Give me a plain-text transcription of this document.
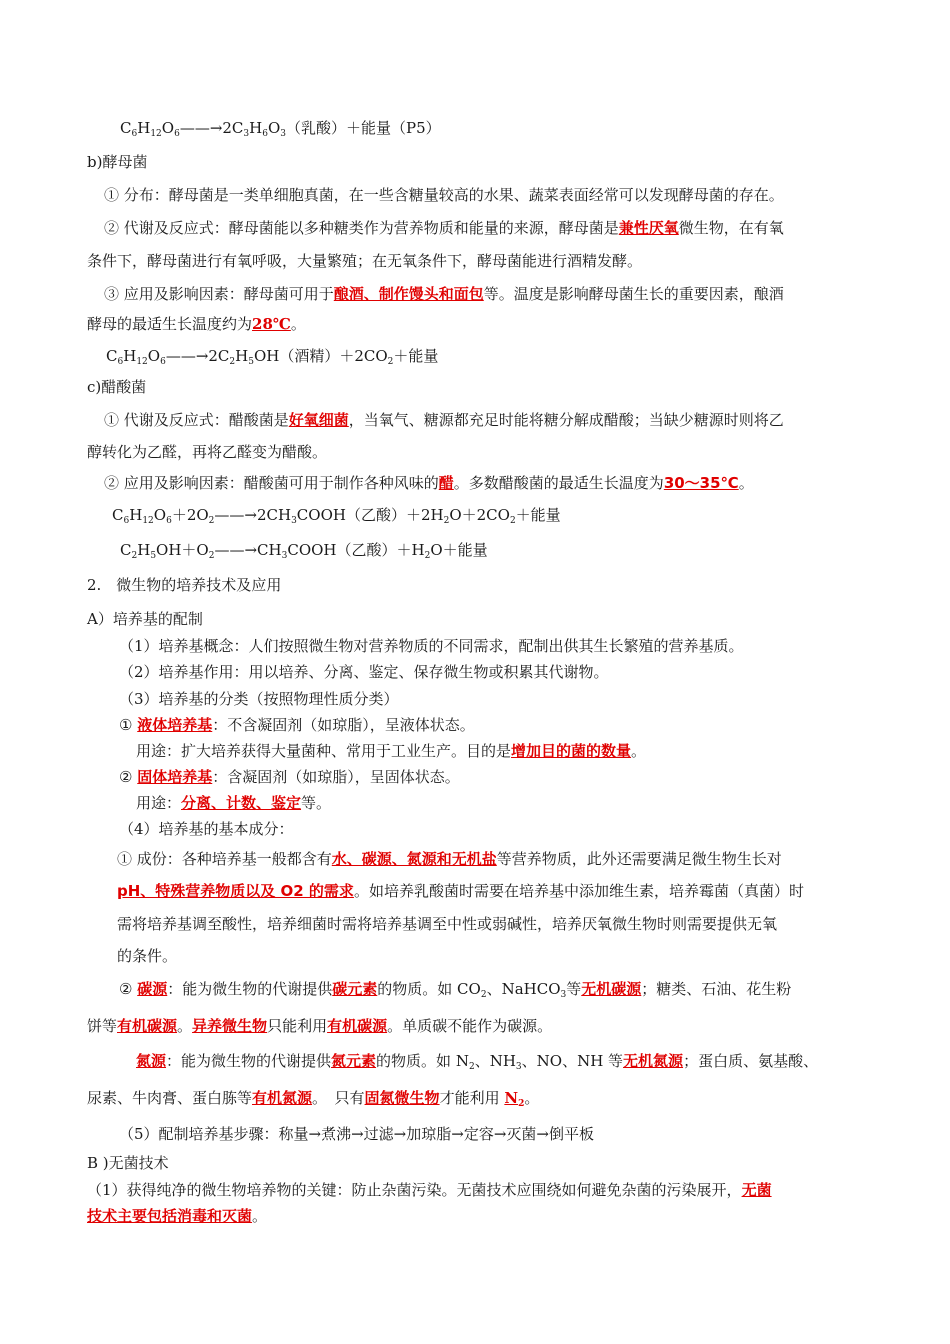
$C_6H_{12}O_6——\to 2C_3H_6O_3$（乳酸）＋能量（P5）
b)酵母菌
① 分布：酵母菌是一类单细胞真菌，在一些含糖量较高的水果、蔬菜表面经常可以发现酵母菌的存在。
② 代谢及反应式：酵母菌能以多种糖类作为营养物质和能量的来源，酵母菌是兼性厌氧微生物，在有氧
条件下，酵母菌进行有氧呼吸，大量繁殖；在无氧条件下，酵母菌能进行酒精发酵。
③ 应用及影响因素：酵母菌可用于酿酒、制作馒头和面包等。温度是影响酵母菌生长的重要因素，酿酒
酵母的最适生长温度约为28℃。
$C_6H_{12}O_6——\to 2C_2H_5OH$（酒精）$+2CO_2+$能量
c)醋酸菌
① 代谢及反应式：醋酸菌是好氧细菌，当氧气、糖源都充足时能将糖分解成醋酸；当缺少糖源时则将乙
醇转化为乙醛，再将乙醛变为醋酸。
② 应用及影响因素：醋酸菌可用于制作各种风味的醋。多数醋酸菌的最适生长温度为30～35℃。
$C_6H_{12}O_6+2O_2——\to 2CH_3COOH$（乙酸）$+2H_2O+2CO_2+$能量
$C_2H_5OH+O_2——\to CH_3COOH$（乙酸）$+H_2O+$能量
2.　微生物的培养技术及应用
A）培养基的配制
（1）培养基概念：人们按照微生物对营养物质的不同需求，配制出供其生长繁殖的营养基质。
（2）培养基作用：用以培养、分离、鉴定、保存微生物或积累其代谢物。
（3）培养基的分类（按照物理性质分类）
① 液体培养基：不含凝固剂（如琼脂），呈液体状态。
用途：扩大培养获得大量菌种、常用于工业生产。目的是增加目的菌的数量。
② 固体培养基：含凝固剂（如琼脂），呈固体状态。
用途：分离、计数、鉴定等。
（4）培养基的基本成分：
① 成份：各种培养基一般都含有水、碳源、氮源和无机盐等营养物质，此外还需要满足微生物生长对
pH、特殊营养物质以及 O2 的需求。如培养乳酸菌时需要在培养基中添加维生素，培养霉菌（真菌）时
需将培养基调至酸性，培养细菌时需将培养基调至中性或弱碱性，培养厌氧微生物时则需要提供无氧
的条件。
② 碳源：能为微生物的代谢提供碳元素的物质。如 $CO_2$、NaHCO$_3$等无机碳源；糖类、石油、花生粉
饼等有机碳源。异养微生物只能利用有机碳源。单质碳不能作为碳源。
氮源：能为微生物的代谢提供氮元素的物质。如 $N_2$、$NH_3$、NO、NH 等无机氮源；蛋白质、氨基酸、
尿素、牛肉膏、蛋白胨等有机氮源。　只有固氮微生物才能利用 $N_2$。
（5）配制培养基步骤：称量→煮沸→过滤→加琼脂→定容→灭菌→倒平板
B )无菌技术
（1）获得纯净的微生物培养物的关键：防止杂菌污染。无菌技术应围绕如何避免杂菌的污染展开，无菌
技术主要包括消毒和灭菌。
